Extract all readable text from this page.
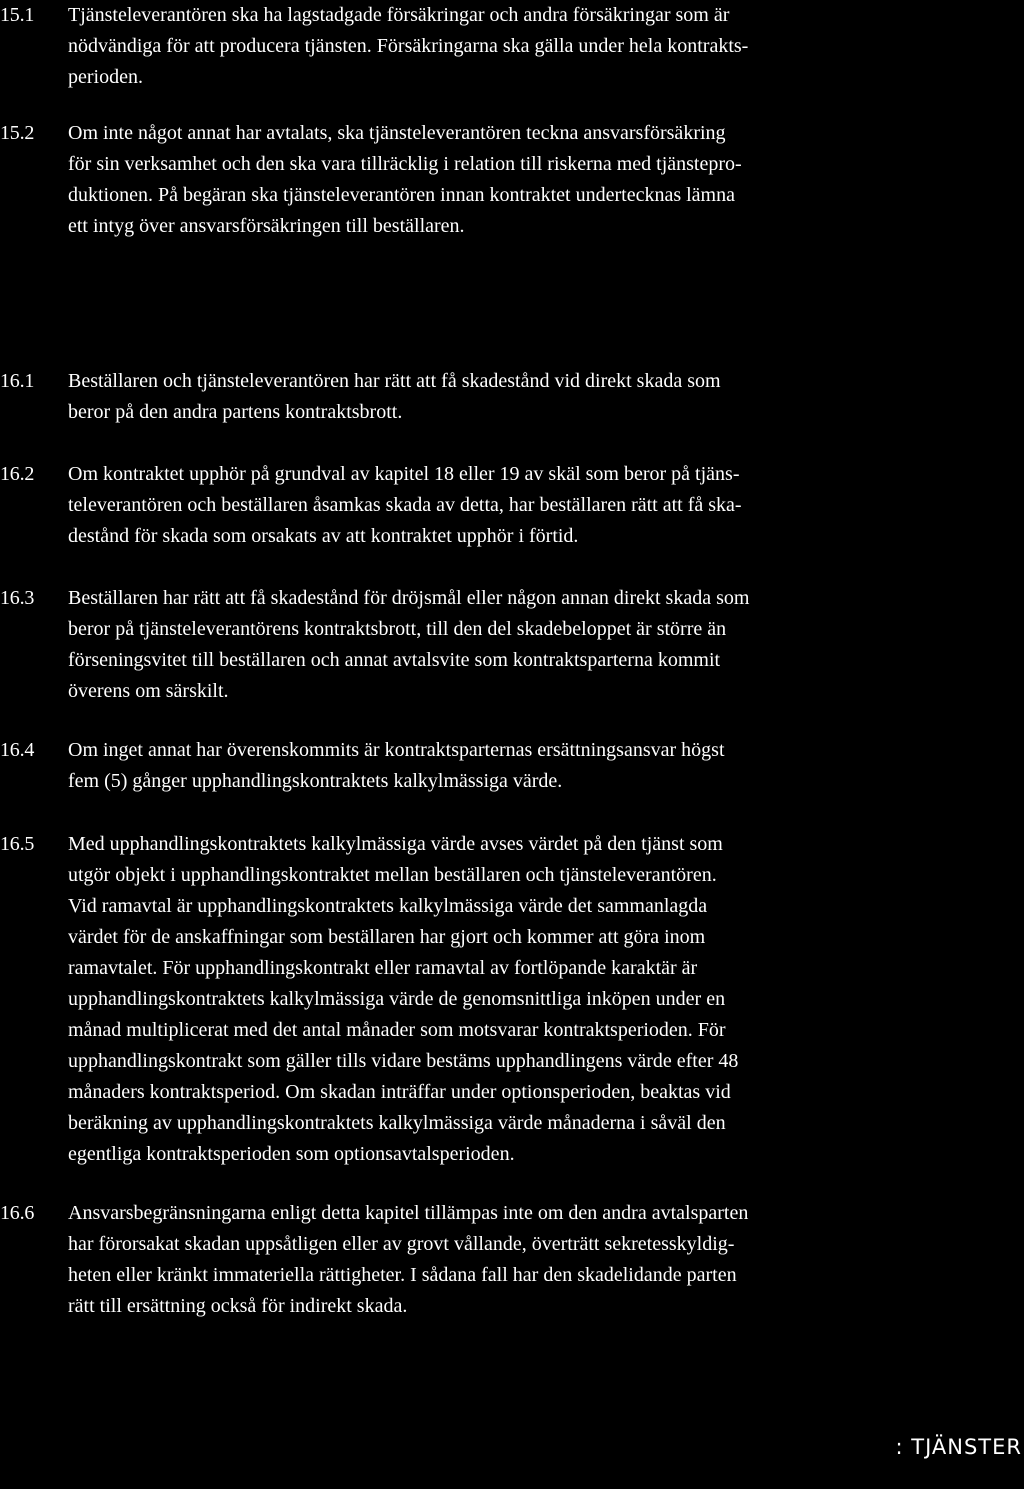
15.1 Tjänsteleverantören ska ha lagstadgade försäkringar och andra försäkringar som är
nödvändiga för att producera tjänsten. Försäkringarna ska gälla under hela kontrakts-
perioden.

15.2 Om inte något annat har avtalats, ska tjänsteleverantören teckna ansvarsförsäkring
för sin verksamhet och den ska vara tillräcklig i relation till riskerna med tjänstepro-
duktionen. På begäran ska tjänsteleverantören innan kontraktet undertecknas lämna
ett intyg över ansvarsförsäkringen till beställaren.

16.1 Beställaren och tjänsteleverantören har rätt att få skadestånd vid direkt skada som
beror på den andra partens kontraktsbrott.

16.2 Om kontraktet upphör på grundval av kapitel 18 eller 19 av skäl som beror på tjäns-
televerantören och beställaren åsamkas skada av detta, har beställaren rätt att få ska-
destånd för skada som orsakats av att kontraktet upphör i förtid.

16.3 Beställaren har rätt att få skadestånd för dröjsmål eller någon annan direkt skada som
beror på tjänsteleverantörens kontraktsbrott, till den del skadebeloppet är större än
förseningsvitet till beställaren och annat avtalsvite som kontraktsparterna kommit
överens om särskilt.

16.4 Om inget annat har överenskommits är kontraktsparternas ersättningsansvar högst
fem (5) gånger upphandlingskontraktets kalkylmässiga värde.

16.5 Med upphandlingskontraktets kalkylmässiga värde avses värdet på den tjänst som
utgör objekt i upphandlingskontraktet mellan beställaren och tjänsteleverantören.
Vid ramavtal är upphandlingskontraktets kalkylmässiga värde det sammanlagda
värdet för de anskaffningar som beställaren har gjort och kommer att göra inom
ramavtalet. För upphandlingskontrakt eller ramavtal av fortlöpande karaktär är
upphandlingskontraktets kalkylmässiga värde de genomsnittliga inköpen under en
månad multiplicerat med det antal månader som motsvarar kontraktsperioden. För
upphandlingskontrakt som gäller tills vidare bestäms upphandlingens värde efter 48
månaders kontraktsperiod. Om skadan inträffar under optionsperioden, beaktas vid
beräkning av upphandlingskontraktets kalkylmässiga värde månaderna i såväl den
egentliga kontraktsperioden som optionsavtalsperioden.

16.6 Ansvarsbegränsningarna enligt detta kapitel tillämpas inte om den andra avtalsparten
har förorsakat skadan uppsåtligen eller av grovt vållande, överträtt sekretesskyldig-
heten eller kränkt immateriella rättigheter. I sådana fall har den skadelidande parten
rätt till ersättning också för indirekt skada.

: TJÄNSTER
